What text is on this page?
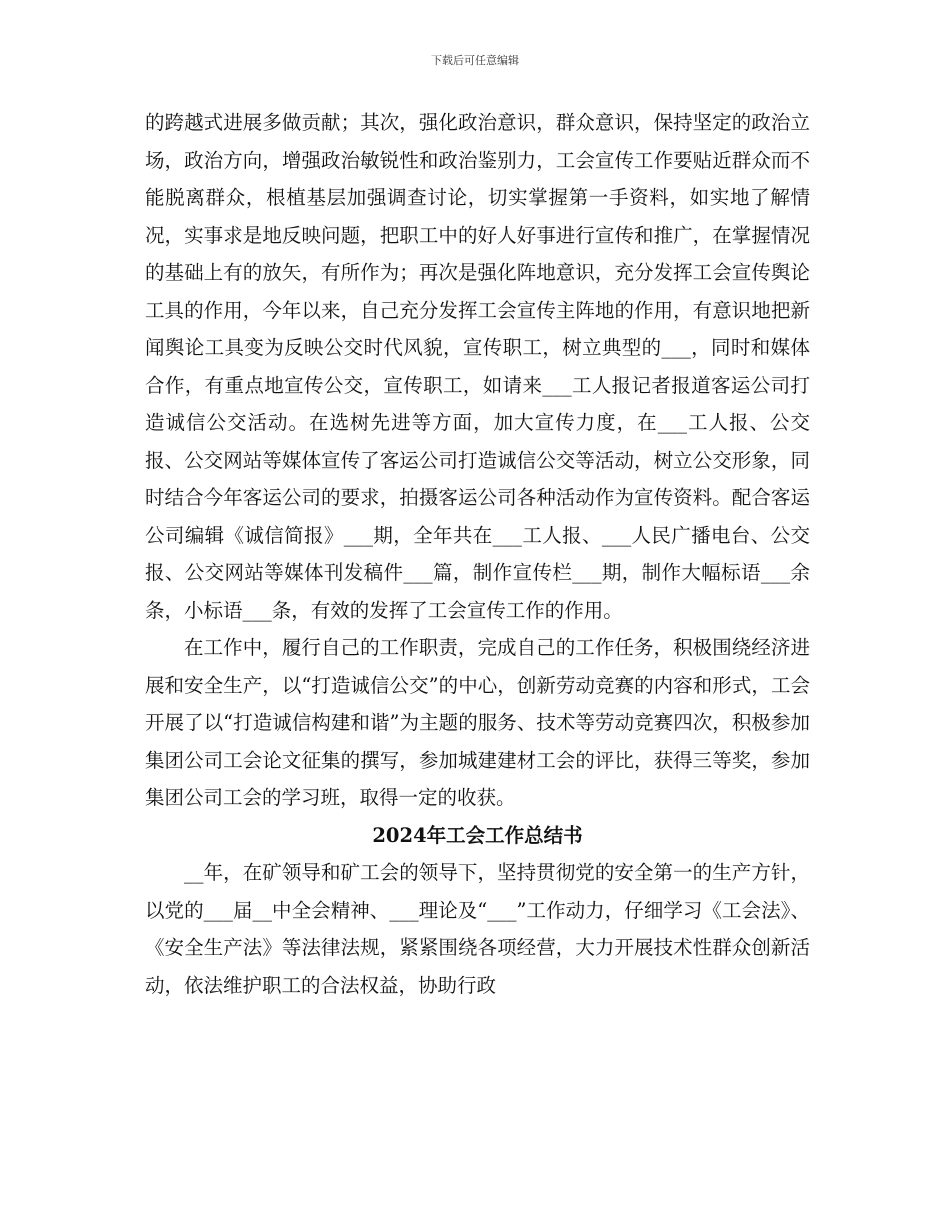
下载后可任意编辑

的跨越式进展多做贡献；其次，强化政治意识，群众意识，保持坚定的政治立场，政治方向，增强政治敏锐性和政治鉴别力，工会宣传工作要贴近群众而不能脱离群众，根植基层加强调查讨论，切实掌握第一手资料，如实地了解情况，实事求是地反映问题，把职工中的好人好事进行宣传和推广，在掌握情况的基础上有的放矢，有所作为；再次是强化阵地意识，充分发挥工会宣传舆论工具的作用，今年以来，自己充分发挥工会宣传主阵地的作用，有意识地把新闻舆论工具变为反映公交时代风貌，宣传职工，树立典型的___，同时和媒体合作，有重点地宣传公交，宣传职工，如请来___工人报记者报道客运公司打造诚信公交活动。在选树先进等方面，加大宣传力度，在___工人报、公交报、公交网站等媒体宣传了客运公司打造诚信公交等活动，树立公交形象，同时结合今年客运公司的要求，拍摄客运公司各种活动作为宣传资料。配合客运公司编辑《诚信简报》___期，全年共在___工人报、___人民广播电台、公交报、公交网站等媒体刊发稿件___篇，制作宣传栏___期，制作大幅标语___余条，小标语___条，有效的发挥了工会宣传工作的作用。

在工作中，履行自己的工作职责，完成自己的工作任务，积极围绕经济进展和安全生产，以“打造诚信公交”的中心，创新劳动竞赛的内容和形式，工会开展了以“打造诚信构建和谐”为主题的服务、技术等劳动竞赛四次，积极参加集团公司工会论文征集的撰写，参加城建建材工会的评比，获得三等奖，参加集团公司工会的学习班，取得一定的收获。

2024年工会工作总结书

__年，在矿领导和矿工会的领导下，坚持贯彻党的安全第一的生产方针，以党的___届__中全会精神、___理论及“___”工作动力，仔细学习《工会法》、《安全生产法》等法律法规，紧紧围绕各项经营，大力开展技术性群众创新活动，依法维护职工的合法权益，协助行政
